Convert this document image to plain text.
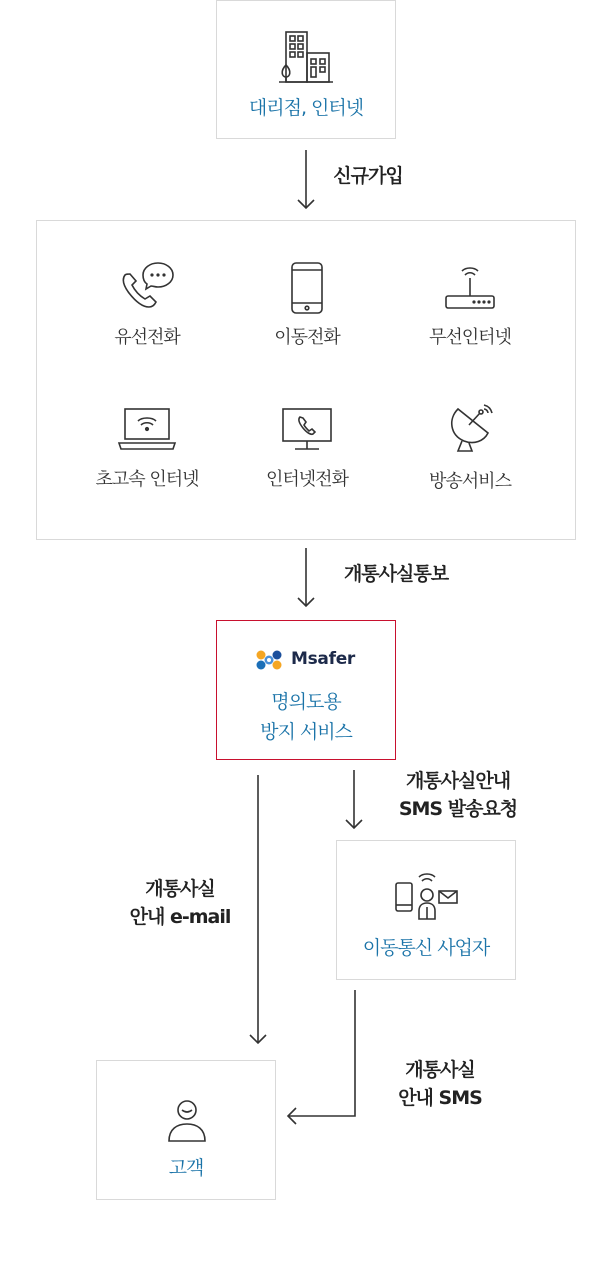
대리점, 인터넷
신규가입
유선전화	이동전화	무선인터넷
초고속 인터넷	인터넷전화	방송서비스
개통사실통보
Msafer
명의도용
방지 서비스
개통사실안내
SMS 발송요청
개통사실
안내 e-mail
이동통신 사업자
개통사실
안내 SMS
고객
